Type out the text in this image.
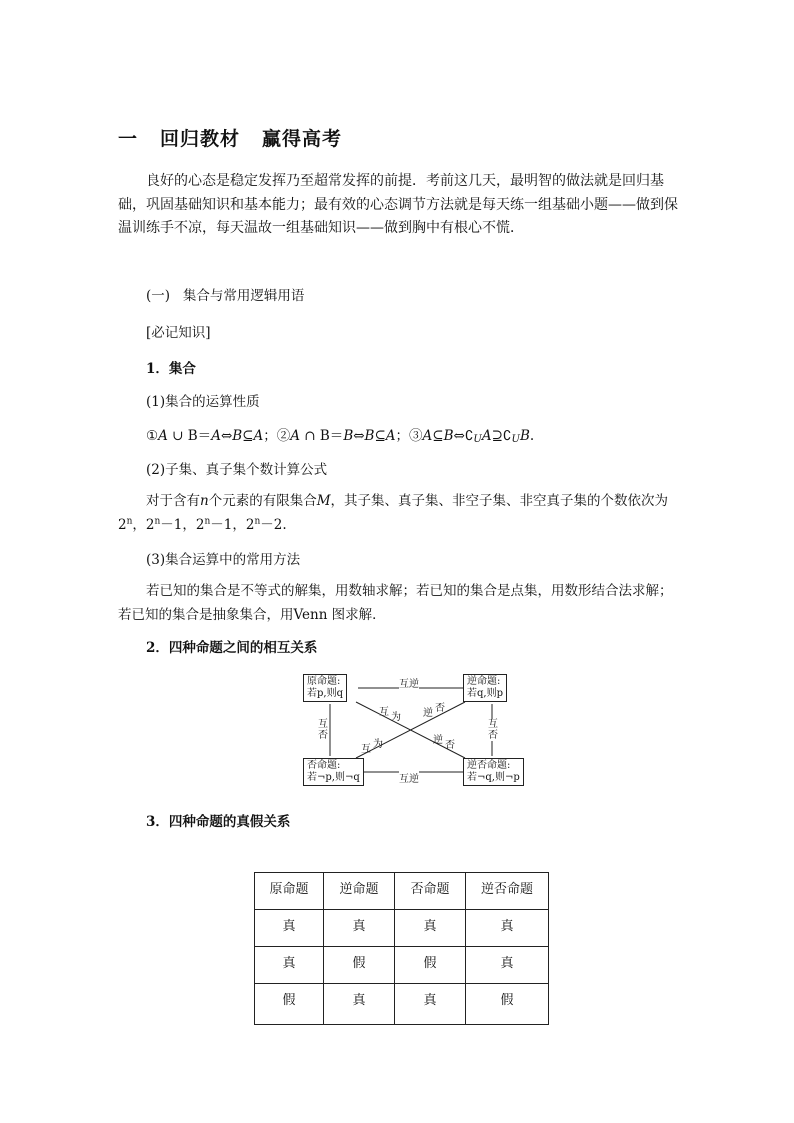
一 回归教材 赢得高考
良好的心态是稳定发挥乃至超常发挥的前提．考前这几天，最明智的做法就是回归基础，巩固基础知识和基本能力；最有效的心态调节方法就是每天练一组基础小题——做到保温训练手不凉，每天温故一组基础知识——做到胸中有根心不慌．
(一) 集合与常用逻辑用语
[必记知识]
1．集合
(1)集合的运算性质
①A ∪ B＝A⇔B⊆A；②A ∩ B＝B⇔B⊆A；③A⊆B⇔∁UA⊇∁UB.
(2)子集、真子集个数计算公式
对于含有n个元素的有限集合M，其子集、真子集、非空子集、非空真子集的个数依次为2$^n$，$2^n-1$，$2^n-1$，$2^n-2$.
(3)集合运算中的常用方法
若已知的集合是不等式的解集，用数轴求解；若已知的集合是点集，用数形结合法求解；若已知的集合是抽象集合，用Venn 图求解．
2．四种命题之间的相互关系
原命题:
若p,则q
逆命题:
若q,则p
否命题:
若¬p,则¬q
逆否命题:
若¬q,则¬p
互逆
互逆
互否
互否
互 为 逆 否
互 为	逆 否
3．四种命题的真假关系
原命题	逆命题	否命题	逆否命题
真	真	真	真
真	假	假	真
假	真	真	假
